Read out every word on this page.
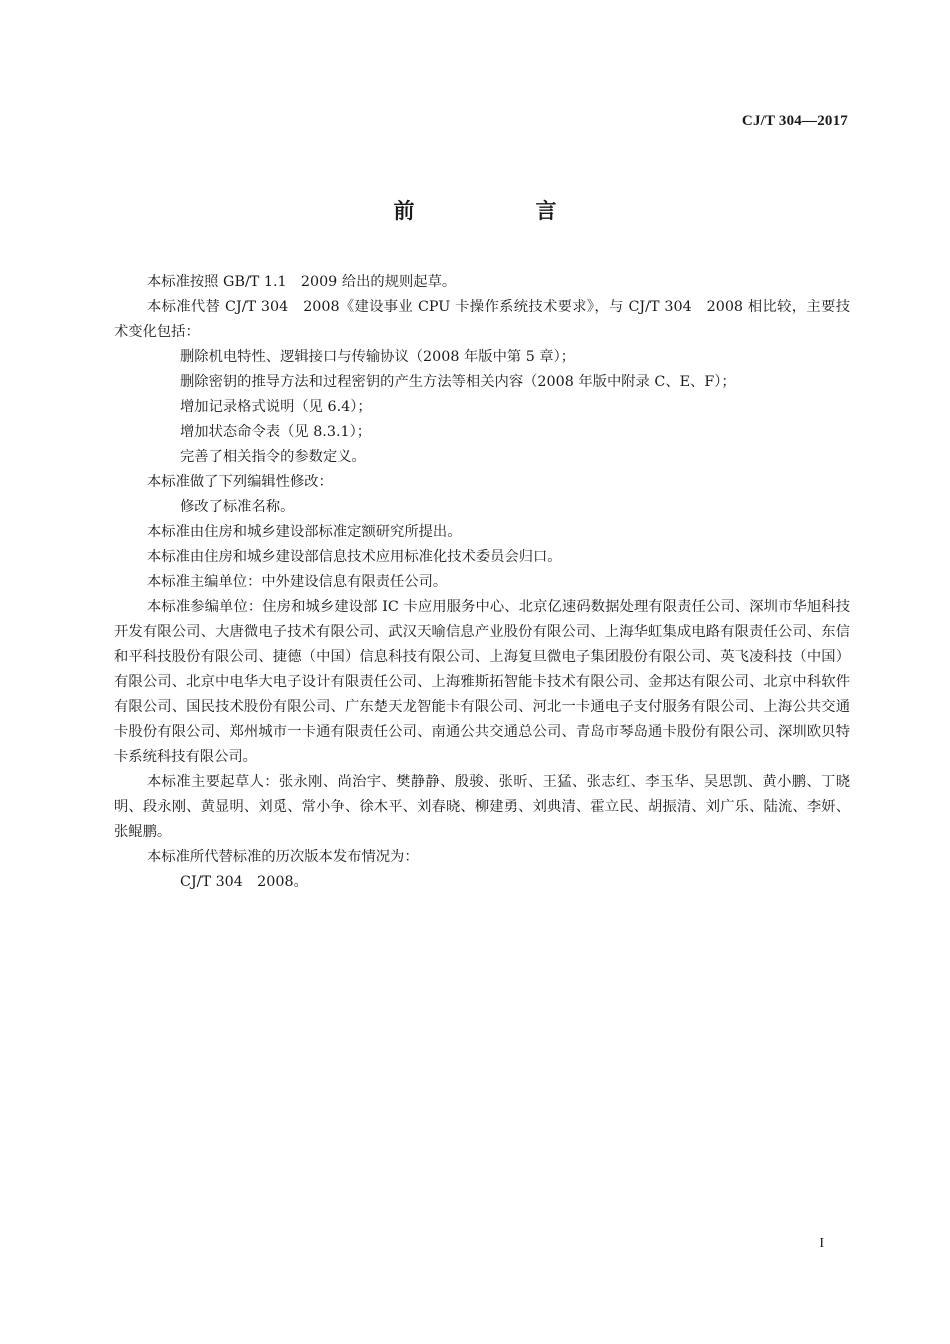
CJ/T 304—2017
前　言

本标准按照 GB/T 1.1　2009 给出的规则起草。

本标准代替 CJ/T 304　2008《建设事业 CPU 卡操作系统技术要求》，与 CJ/T 304　2008 相比较，主要技术变化包括：

删除机电特性、逻辑接口与传输协议（2008 年版中第 5 章）；

删除密钥的推导方法和过程密钥的产生方法等相关内容（2008 年版中附录 C、E、F）；

增加记录格式说明（见 6.4）；

增加状态命令表（见 8.3.1）；

完善了相关指令的参数定义。

本标准做了下列编辑性修改：

修改了标准名称。

本标准由住房和城乡建设部标准定额研究所提出。

本标准由住房和城乡建设部信息技术应用标准化技术委员会归口。

本标准主编单位：中外建设信息有限责任公司。

本标准参编单位：住房和城乡建设部 IC 卡应用服务中心、北京亿速码数据处理有限责任公司、深圳市华旭科技开发有限公司、大唐微电子技术有限公司、武汉天喻信息产业股份有限公司、上海华虹集成电路有限责任公司、东信和平科技股份有限公司、捷德（中国）信息科技有限公司、上海复旦微电子集团股份有限公司、英飞凌科技（中国）有限公司、北京中电华大电子设计有限责任公司、上海雅斯拓智能卡技术有限公司、金邦达有限公司、北京中科软件有限公司、国民技术股份有限公司、广东楚天龙智能卡有限公司、河北一卡通电子支付服务有限公司、上海公共交通卡股份有限公司、郑州城市一卡通有限责任公司、南通公共交通总公司、青岛市琴岛通卡股份有限公司、深圳欧贝特卡系统科技有限公司。

本标准主要起草人：张永刚、尚治宇、樊静静、殷骏、张昕、王猛、张志红、李玉华、吴思凯、黄小鹏、丁晓明、段永刚、黄显明、刘觅、常小争、徐木平、刘春晓、柳建勇、刘典清、霍立民、胡振清、刘广乐、陆流、李妍、张鲲鹏。

本标准所代替标准的历次版本发布情况为：

CJ/T 304　2008。

I
